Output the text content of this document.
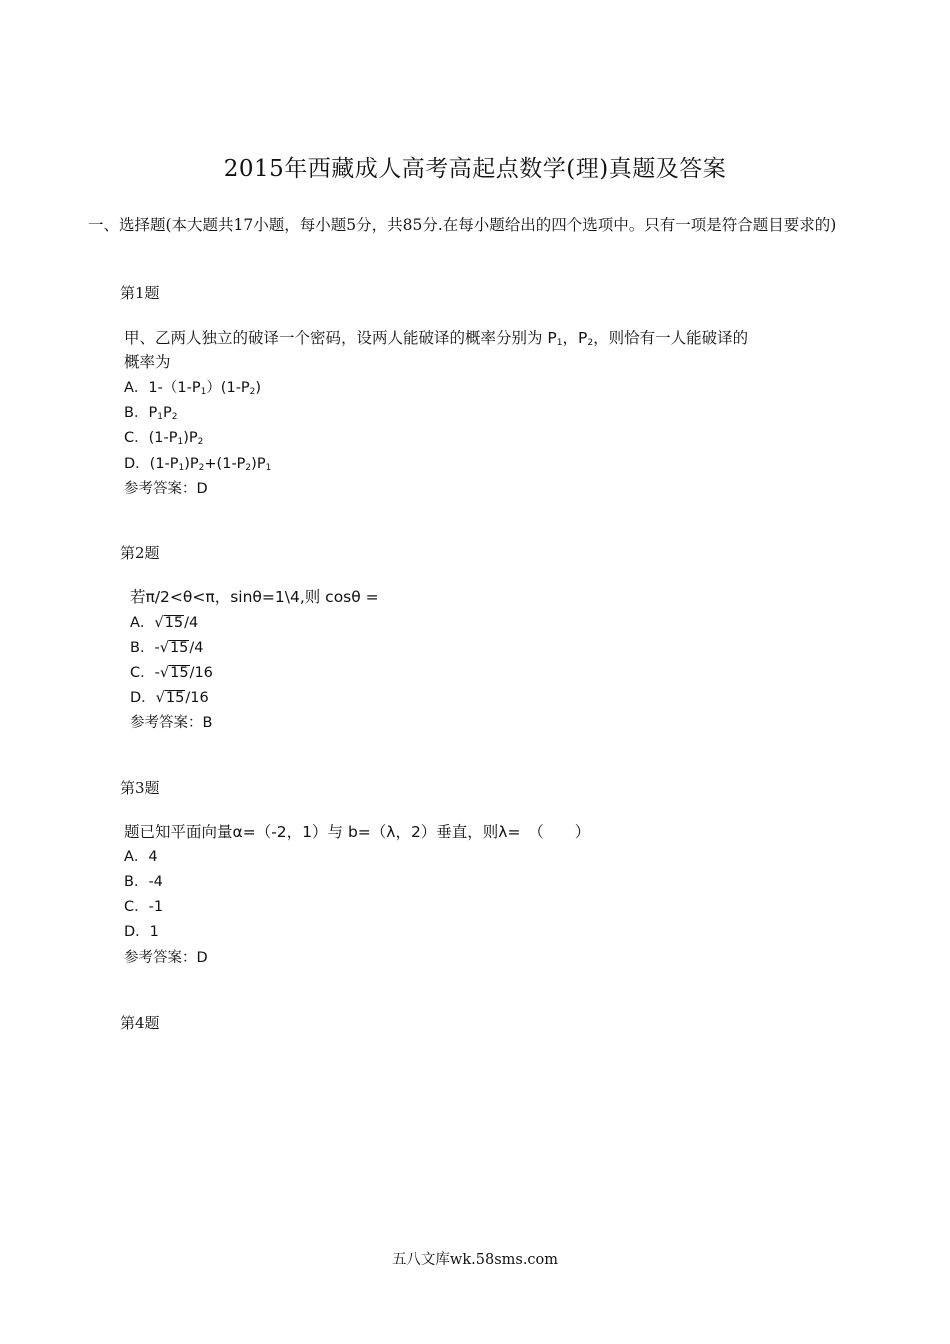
2015年西藏成人高考高起点数学(理)真题及答案
一、选择题(本大题共17小题，每小题5分，共85分.在每小题给出的四个选项中。只有一项是符合题目要求的)
第1题
甲、乙两人独立的破译一个密码，设两人能破译的概率分别为 $P_1$，$P_2$，则恰有一人能破译的
概率为
A．$1-(1-P_1)(1-P_2)$
B．$P_1P_2$
C．$(1-P_1)P_2$
D．$(1-P_1)P_2+(1-P_2)P_1$
参考答案：D
第2题
若π/2<θ<π，sinθ=1\4,则 cosθ =
A．√15/4
B．-√15/4
C．-√15/16
D．√15/16
参考答案：B
第3题
题已知平面向量α=（-2，1）与 b=（λ，2）垂直，则λ=　（　　）
A．4
B．-4
C．-1
D．1
参考答案：D
第4题
五八文库wk.58sms.com
